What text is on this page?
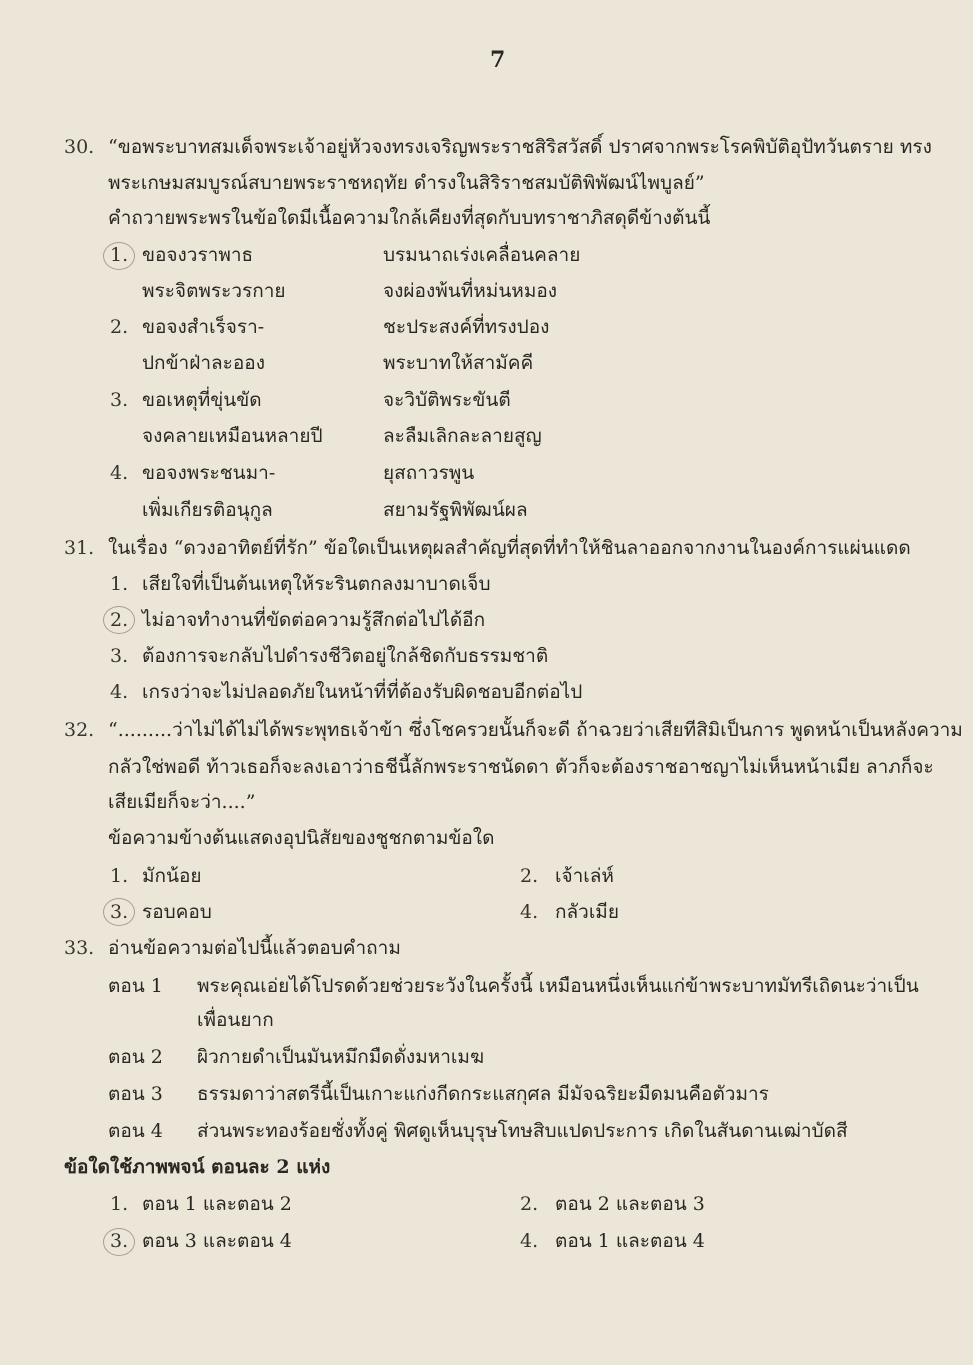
7
30. “ขอพระบาทสมเด็จพระเจ้าอยู่หัวจงทรงเจริญพระราชสิริสวัสดิ์ ปราศจากพระโรคพิบัติอุปัทวันตราย ทรง
พระเกษมสมบูรณ์สบายพระราชหฤทัย ดำรงในสิริราชสมบัติพิพัฒน์ไพบูลย์”
คำถวายพระพรในข้อใดมีเนื้อความใกล้เคียงที่สุดกับบทราชาภิสดุดีข้างต้นนี้
1. ขอจงวราพาธ	บรมนาถเร่งเคลื่อนคลาย
พระจิตพระวรกาย	จงผ่องพ้นที่หม่นหมอง
2. ขอจงสำเร็จรา-	ชะประสงค์ที่ทรงปอง
ปกข้าฝ่าละออง	พระบาทให้สามัคคี
3. ขอเหตุที่ขุ่นขัด	จะวิบัติพระขันตี
จงคลายเหมือนหลายปี	ละลืมเลิกละลายสูญ
4. ขอจงพระชนมา-	ยุสถาวรพูน
เพิ่มเกียรติอนุกูล	สยามรัฐพิพัฒน์ผล
31. ในเรื่อง “ดวงอาทิตย์ที่รัก” ข้อใดเป็นเหตุผลสำคัญที่สุดที่ทำให้ชินลาออกจากงานในองค์การแผ่นแดด
1. เสียใจที่เป็นต้นเหตุให้ระรินตกลงมาบาดเจ็บ
2. ไม่อาจทำงานที่ขัดต่อความรู้สึกต่อไปได้อีก
3. ต้องการจะกลับไปดำรงชีวิตอยู่ใกล้ชิดกับธรรมชาติ
4. เกรงว่าจะไม่ปลอดภัยในหน้าที่ที่ต้องรับผิดชอบอีกต่อไป
32. “.........ว่าไม่ได้ไม่ได้พระพุทธเจ้าข้า ซึ่งโชครวยนั้นก็จะดี ถ้าฉวยว่าเสียทีสิมิเป็นการ พูดหน้าเป็นหลังความ
กลัวใช่พอดี ท้าวเธอก็จะลงเอาว่าธชีนี้ลักพระราชนัดดา ตัวก็จะต้องราชอาชญาไม่เห็นหน้าเมีย ลาภก็จะ
เสียเมียก็จะว่า....”
ข้อความข้างต้นแสดงอุปนิสัยของชูชกตามข้อใด
1. มักน้อย	2. เจ้าเล่ห์
3. รอบคอบ	4. กลัวเมีย
33. อ่านข้อความต่อไปนี้แล้วตอบคำถาม
ตอน 1 พระคุณเอ่ยได้โปรดด้วยช่วยระวังในครั้งนี้ เหมือนหนึ่งเห็นแก่ข้าพระบาทมัทรีเถิดนะว่าเป็น
เพื่อนยาก
ตอน 2 ผิวกายดำเป็นมันหมึกมืดดั่งมหาเมฆ
ตอน 3 ธรรมดาว่าสตรีนี้เป็นเกาะแก่งกีดกระแสกุศล มีมัจฉริยะมืดมนคือตัวมาร
ตอน 4 ส่วนพระทองร้อยชั่งทั้งคู่ พิศดูเห็นบุรุษโทษสิบแปดประการ เกิดในสันดานเฒ่าบัดสี
ข้อใดใช้ภาพพจน์ ตอนละ 2 แห่ง
1. ตอน 1 และตอน 2	2. ตอน 2 และตอน 3
3. ตอน 3 และตอน 4	4. ตอน 1 และตอน 4
